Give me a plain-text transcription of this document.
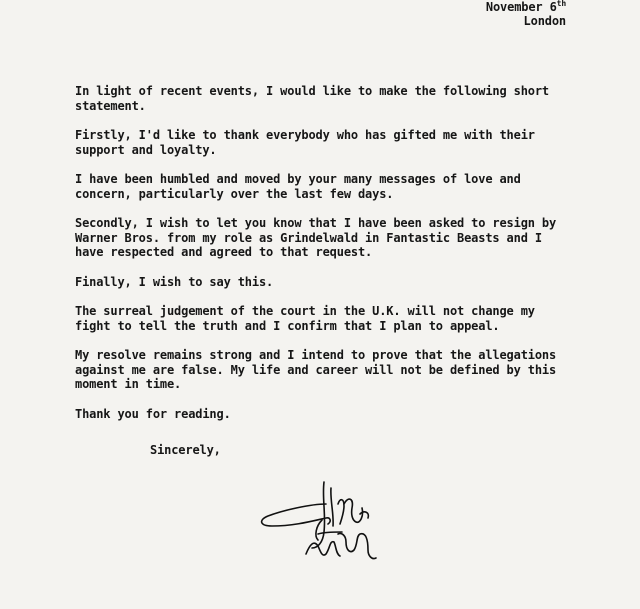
November 6th
London

In light of recent events, I would like to make the following short
statement.

Firstly, I'd like to thank everybody who has gifted me with their
support and loyalty.

I have been humbled and moved by your many messages of love and
concern, particularly over the last few days.

Secondly, I wish to let you know that I have been asked to resign by
Warner Bros. from my role as Grindelwald in Fantastic Beasts and I
have respected and agreed to that request.

Finally, I wish to say this.

The surreal judgement of the court in the U.K. will not change my
fight to tell the truth and I confirm that I plan to appeal.

My resolve remains strong and I intend to prove that the allegations
against me are false. My life and career will not be defined by this
moment in time.

Thank you for reading.

Sincerely,
